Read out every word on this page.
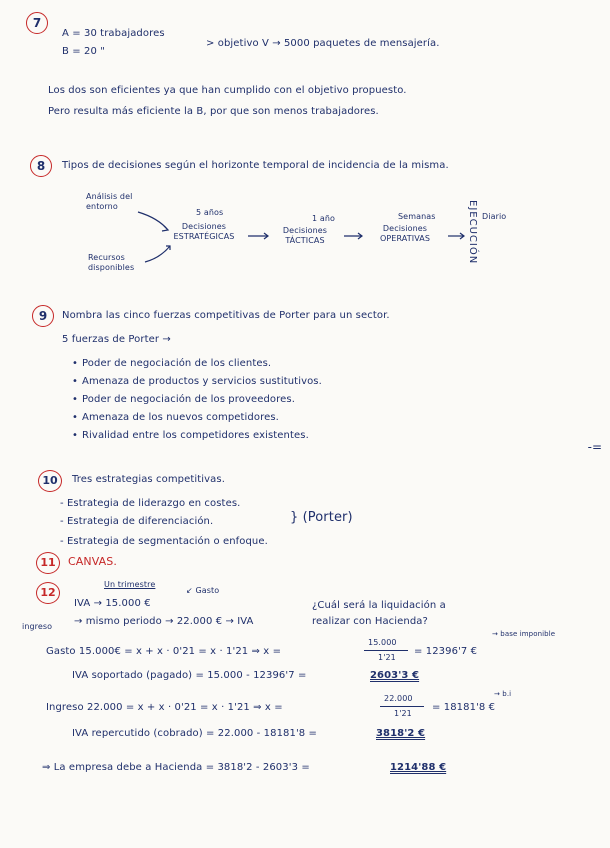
7
A = 30 trabajadores
B = 20 "
> objetivo V → 5000 paquetes de mensajería.
Los dos son eficientes ya que han cumplido con el objetivo propuesto.
Pero resulta más eficiente la B, por que son menos trabajadores.
8	Tipos de decisiones según el horizonte temporal de incidencia de la misma.
Análisis del entorno
Recursos disponibles
5 años
Decisiones ESTRATÉGICAS
1 año
Decisiones TÁCTICAS
Semanas
Decisiones OPERATIVAS
Diario
EJECUCIÓN
9	Nombra las cinco fuerzas competitivas de Porter para un sector.
5 fuerzas de Porter →
• Poder de negociación de los clientes.
• Amenaza de productos y servicios sustitutivos.
• Poder de negociación de los proveedores.
• Amenaza de los nuevos competidores.
• Rivalidad entre los competidores existentes.
10	Tres estrategias competitivas.
- Estrategia de liderazgo en costes.
- Estrategia de diferenciación.
- Estrategia de segmentación o enfoque.
} (Porter)
11	CANVAS.
12
Un trimestre
↙ Gasto
IVA → 15.000 €
ingreso → mismo periodo → 22.000 € → IVA
¿Cuál será la liquidación a
realizar con Hacienda?
→ base imponible
Gasto 15.000€ = x + x · 0'21 = x · 1'21 ⇒ x =
15.000
1'21
= 12396'7 €
IVA soportado (pagado) = 15.000 - 12396'7 =	2603'3 €
→ b.i
Ingreso 22.000 = x + x · 0'21 = x · 1'21 ⇒ x =
22.000
1'21
= 18181'8 €
IVA repercutido (cobrado) = 22.000 - 18181'8 =	3818'2 €
⇒ La empresa debe a Hacienda = 3818'2 - 2603'3 =	1214'88 €
-=
